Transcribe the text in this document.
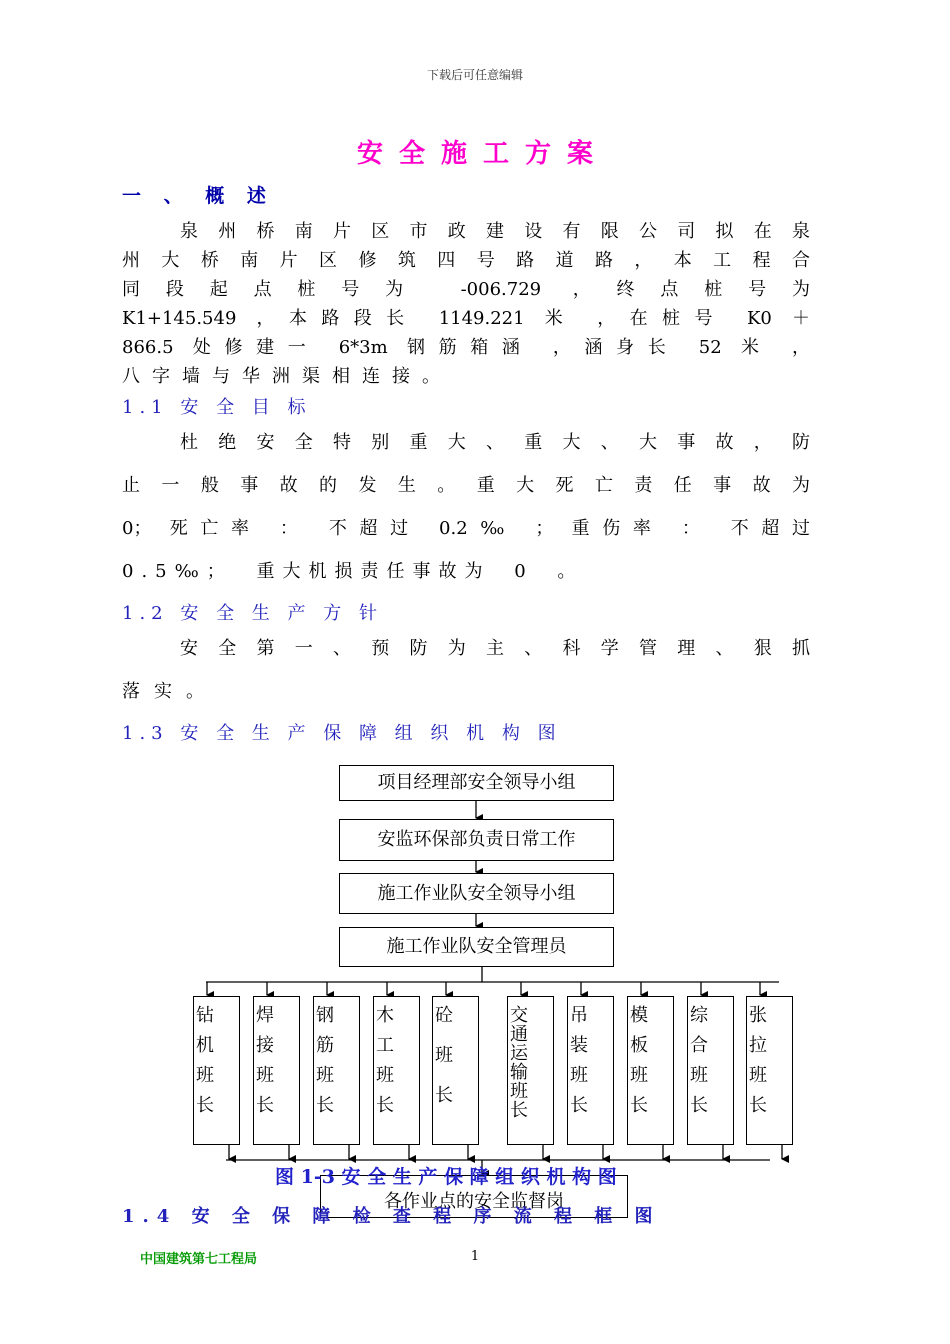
下载后可任意编辑
安全施工方案
一 、 概 述
泉州桥南片区市政建设有限公司拟在泉
州大桥南片区修筑四号路道路，本工程合
同段起点桩号为 -006.729 ，终点桩号为
K1+145.549 ，本路段长 1149.221 米 ，在桩号 K0 ＋
866.5 处修建一 6*3m 钢筋箱涵 ，涵身长 52 米 ，
八字墙与华洲渠相连接。
1.1 安 全 目 标
杜绝安全特别重大、重大、大事故，防
止一般事故的发生。重大死亡责任事故为
0； 死亡率 ： 不超过 0.2‰ ； 重伤率 ： 不超过
0.5‰； 重大机损责任事故为 0 。
1.2 安 全 生 产 方 针
安全第一、预防为主、科学管理、狠抓
落实。
1.3 安 全 生 产 保 障 组 织 机 构 图
项目经理部安全领导小组
安监环保部负责日常工作
施工作业队安全领导小组
施工作业队安全管理员
钻
机
班
长
焊
接
班
长
钢
筋
班
长
木
工
班
长
砼
班
长
交
通
运
输
班
长
吊
装
班
长
模
板
班
长
综
合
班
长
张
拉
班
长
各作业点的安全监督岗
图 1-3 安 全 生 产 保 障 组 织 机 构 图
1.4 安 全 保 障 检 查 程 序 流 程 框 图
中国建筑第七工程局	1
